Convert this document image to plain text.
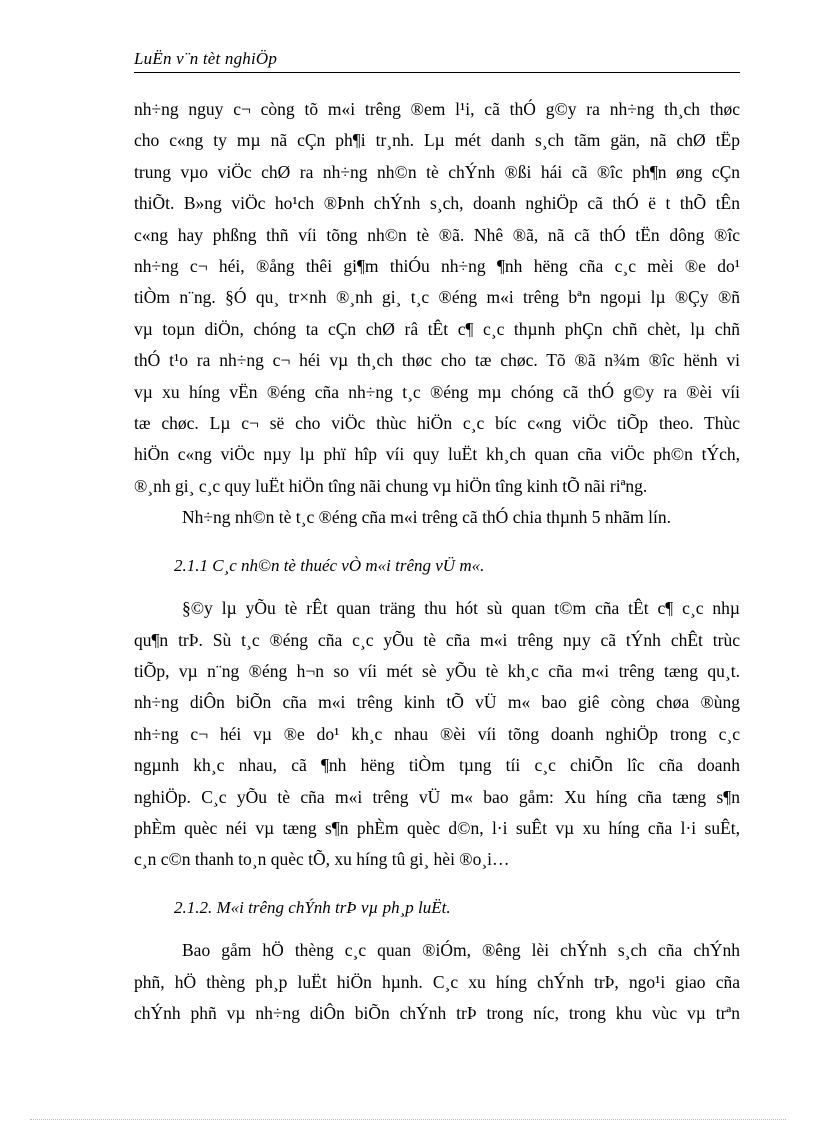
LuËn v¨n tèt nghiÖp
nh÷ng nguy c¬ còng tõ m«i trêng ®em l¹i, cã thÓ g©y ra nh÷ng th¸ch thøc
cho c«ng ty mµ nã cÇn ph¶i tr¸nh. Lµ mét danh s¸ch tãm gän, nã chØ tËp
trung vµo viÖc chØ ra nh÷ng nh©n tè chÝnh ®ßi hái cã ®îc ph¶n øng cÇn
thiÕt. B»ng viÖc ho¹ch ®Þnh chÝnh s¸ch, doanh nghiÖp cã thÓ ë t thÕ tÊn
c«ng hay phßng thñ víi tõng nh©n tè ®ã. Nhê ®ã, nã cã thÓ tËn dông ®îc
nh÷ng c¬ héi, ®ång thêi gi¶m thiÓu nh÷ng ¶nh hëng cña c¸c mèi ®e do¹
tiÒm n¨ng. §Ó qu¸ tr×nh ®¸nh gi¸ t¸c ®éng m«i trêng bªn ngoµi lµ ®Çy ®ñ
vµ toµn diÖn, chóng ta cÇn chØ râ tÊt c¶ c¸c thµnh phÇn chñ chèt, lµ chñ
thÓ t¹o ra nh÷ng c¬ héi vµ th¸ch thøc cho tæ chøc. Tõ ®ã n¾m ®îc hënh vi
vµ xu híng vËn ®éng cña nh÷ng t¸c ®éng mµ chóng cã thÓ g©y ra ®èi víi
tæ chøc. Lµ c¬ së cho viÖc thùc hiÖn c¸c bíc c«ng viÖc tiÕp theo. Thùc
hiÖn c«ng viÖc nµy lµ phï hîp víi quy luËt kh¸ch quan cña viÖc ph©n tÝch,
®¸nh gi¸ c¸c quy luËt hiÖn tîng nãi chung vµ hiÖn tîng kinh tÕ nãi riªng.
Nh÷ng nh©n tè t¸c ®éng cña m«i trêng cã thÓ chia thµnh 5 nhãm lín.
2.1.1 C¸c nh©n tè thuéc vÒ m«i trêng vÜ m«.
§©y lµ yÕu tè rÊt quan träng thu hót sù quan t©m cña tÊt c¶ c¸c nhµ
qu¶n trÞ. Sù t¸c ®éng cña c¸c yÕu tè cña m«i trêng nµy cã tÝnh chÊt trùc
tiÕp, vµ n¨ng ®éng h¬n so víi mét sè yÕu tè kh¸c cña m«i trêng tæng qu¸t.
nh÷ng diÔn biÕn cña m«i trêng kinh tÕ vÜ m« bao giê còng chøa ®ùng
nh÷ng c¬ héi vµ ®e do¹ kh¸c nhau ®èi víi tõng doanh nghiÖp trong c¸c
ngµnh kh¸c nhau, cã ¶nh hëng tiÒm tµng tíi c¸c chiÕn lîc cña doanh
nghiÖp. C¸c yÕu tè cña m«i trêng vÜ m« bao gåm: Xu híng cña tæng s¶n
phÈm quèc néi vµ tæng s¶n phÈm quèc d©n, l·i suÊt vµ xu híng cña l·i suÊt,
c¸n c©n thanh to¸n quèc tÕ, xu híng tû gi¸ hèi ®o¸i…
2.1.2. M«i trêng chÝnh trÞ vµ ph¸p luËt.
Bao gåm hÖ thèng c¸c quan ®iÓm, ®êng lèi chÝnh s¸ch cña chÝnh
phñ, hÖ thèng ph¸p luËt hiÖn hµnh. C¸c xu híng chÝnh trÞ, ngo¹i giao cña
chÝnh phñ vµ nh÷ng diÔn biÕn chÝnh trÞ trong níc, trong khu vùc vµ trªn
